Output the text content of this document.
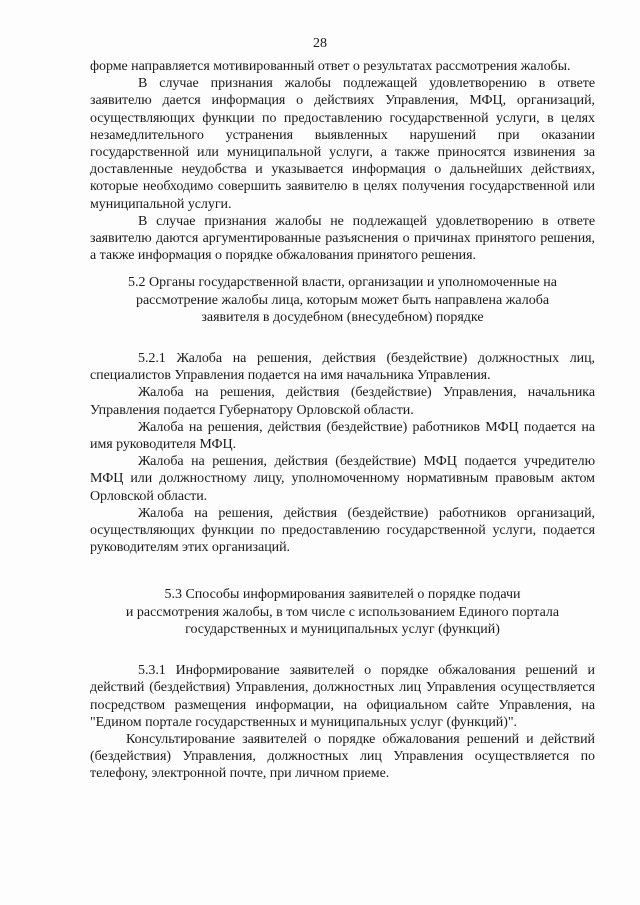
28

форме направляется мотивированный ответ о результатах рассмотрения жалобы.

В случае признания жалобы подлежащей удовлетворению в ответе заявителю дается информация о действиях Управления, МФЦ, организаций, осуществляющих функции по предоставлению государственной услуги, в целях незамедлительного устранения выявленных нарушений при оказании государственной или муниципальной услуги, а также приносятся извинения за доставленные неудобства и указывается информация о дальнейших действиях, которые необходимо совершить заявителю в целях получения государственной или муниципальной услуги.

В случае признания жалобы не подлежащей удовлетворению в ответе заявителю даются аргументированные разъяснения о причинах принятого решения, а также информация о порядке обжалования принятого решения.

5.2 Органы государственной власти, организации и уполномоченные на
рассмотрение жалобы лица, которым может быть направлена жалоба
заявителя в досудебном (внесудебном) порядке

5.2.1 Жалоба на решения, действия (бездействие) должностных лиц, специалистов Управления подается на имя начальника Управления.

Жалоба на решения, действия (бездействие) Управления, начальника Управления подается Губернатору Орловской области.

Жалоба на решения, действия (бездействие) работников МФЦ подается на имя руководителя МФЦ.

Жалоба на решения, действия (бездействие) МФЦ подается учредителю МФЦ или должностному лицу, уполномоченному нормативным правовым актом Орловской области.

Жалоба на решения, действия (бездействие) работников организаций, осуществляющих функции по предоставлению государственной услуги, подается руководителям этих организаций.

5.3 Способы информирования заявителей о порядке подачи
и рассмотрения жалобы, в том числе с использованием Единого портала
государственных и муниципальных услуг (функций)

5.3.1 Информирование заявителей о порядке обжалования решений и действий (бездействия) Управления, должностных лиц Управления осуществляется посредством размещения информации, на официальном сайте Управления, на "Едином портале государственных и муниципальных услуг (функций)".

Консультирование заявителей о порядке обжалования решений и действий (бездействия) Управления, должностных лиц Управления осуществляется по телефону, электронной почте, при личном приеме.
